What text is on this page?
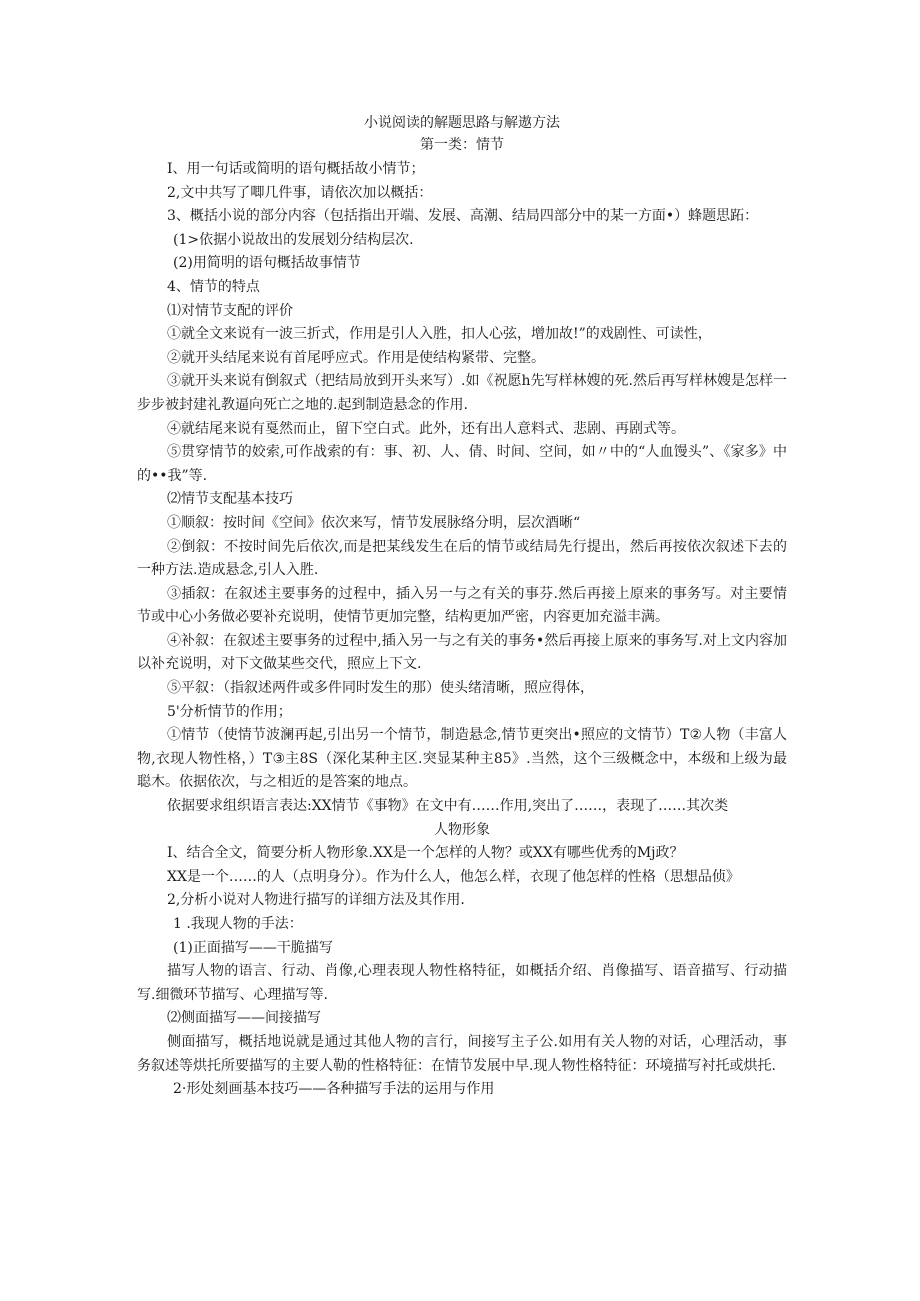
小说阅读的解题思路与解遨方法

第一类：情节

I、用一句话或简明的语句概括故小情节；

2,文中共写了唧几件事，请依次加以概括：

3、概括小说的部分内容（包括指出开端、发展、高潮、结局四部分中的某一方面•）蜂题思跖：

(1>依据小说故出的发展划分结构层次.

(2)用简明的语句概括故事情节

4、情节的特点

⑴对情节支配的评价

①就全文来说有一波三折式，作用是引人入胜，扣人心弦，增加故!”的戏剧性、可读性，

②就开头结尾来说有首尾呼应式。作用是使结构紧带、完整。

③就开头来说有倒叙式（把结局放到开头来写）.如《祝愿h先写样林嫂的死.然后再写样林嫂是怎样一步步被封建礼教逼向死亡之地的.起到制造悬念的作用.

④就结尾来说有戛然而止，留下空白式。此外，还有出人意料式、悲剧、再剧式等。

⑤贯穿情节的姣索,可作战索的有：事、初、人、倩、时间、空间，如〃中的“人血馒头”、《家多》中的••我”等.

⑵情节支配基本技巧

①顺叙：按时间《空间》依次来写，情节发展脉络分明，层次酒晰“

②倒叙：不按时间先后依次,而是把某线发生在后的情节或结局先行提出，然后再按依次叙述下去的一种方法.造成悬念,引人入胜.

③插叙：在叙述主要事务的过程中，插入另一与之有关的事芬.然后再接上原来的事务写。对主要情节或中心小务做必要补充说明，使情节更加完整，结构更加严密，内容更加充溢丰满。

④补叙：在叙述主要事务的过程中,插入另一与之有关的事务•然后再接上原来的事务写.对上文内容加以补充说明，对下文做某些交代，照应上下文.

⑤平叙：（指叙述两件或多件同时发生的那）使头绪清晰，照应得体，

5'分析情节的作用；

①情节（使情节波澜再起,引出另一个情节，制造悬念,情节更突出•照应的文情节）T②人物（丰富人物,衣现人物性格，）T③主8S（深化某种主区.突显某种主85》.当然，这个三级概念中，本级和上级为最聪木。依据依次，与之相近的是答案的地点。

依据要求组织语言表达:XX情节《事物》在文中有……作用,突出了……，表现了……其次类

人物形象

I、结合全文，简要分析人物形象.XX是一个怎样的人物？或XX有哪些优秀的Mj政？

XX是一个……的人（点明身分）。作为什么人，他怎么样，衣现了他怎样的性格（思想品侦》

2,分析小说对人物进行描写的详细方法及其作用.

1 .我现人物的手法：

(1)正面描写——干脆描写

描写人物的语言、行动、肖像,心理表现人物性格特征，如概括介绍、肖像描写、语音描写、行动描写.细微环节描写、心理描写等.

⑵侧面描写——间接描写

侧面描写，概括地说就是通过其他人物的言行，间接写主子公.如用有关人物的对话，心理活动，事务叙述等烘托所要描写的主要人勒的性格特征：在情节发展中早.现人物性格特征：环境描写衬托或烘托.

2·形处刻画基本技巧——各种描写手法的运用与作用
